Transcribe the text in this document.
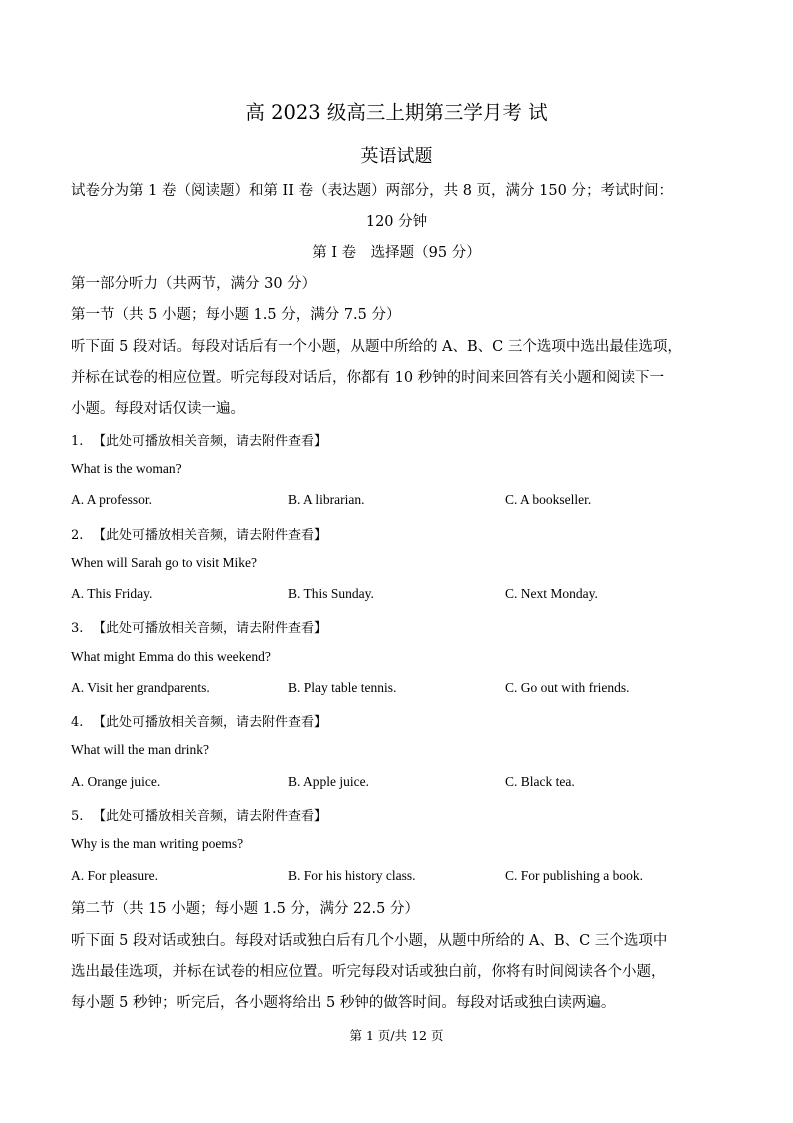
高 2023 级高三上期第三学月考 试
英语试题
试卷分为第 1 卷（阅读题）和第 II 卷（表达题）两部分，共 8 页，满分 150 分；考试时间：
120 分钟
第 I 卷　选择题（95 分）
第一部分听力（共两节，满分 30 分）
第一节（共 5 小题；每小题 1.5 分，满分 7.5 分）
听下面 5 段对话。每段对话后有一个小题，从题中所给的 A、B、C 三个选项中选出最佳选项，
并标在试卷的相应位置。听完每段对话后，你都有 10 秒钟的时间来回答有关小题和阅读下一
小题。每段对话仅读一遍。
1. 【此处可播放相关音频，请去附件查看】
What is the woman?
A. A professor.	B. A librarian.	C. A bookseller.
2. 【此处可播放相关音频，请去附件查看】
When will Sarah go to visit Mike?
A. This Friday.	B. This Sunday.	C. Next Monday.
3. 【此处可播放相关音频，请去附件查看】
What might Emma do this weekend?
A. Visit her grandparents.	B. Play table tennis.	C. Go out with friends.
4. 【此处可播放相关音频，请去附件查看】
What will the man drink?
A. Orange juice.	B. Apple juice.	C. Black tea.
5. 【此处可播放相关音频，请去附件查看】
Why is the man writing poems?
A. For pleasure.	B. For his history class.	C. For publishing a book.
第二节（共 15 小题；每小题 1.5 分，满分 22.5 分）
听下面 5 段对话或独白。每段对话或独白后有几个小题，从题中所给的 A、B、C 三个选项中
选出最佳选项，并标在试卷的相应位置。听完每段对话或独白前，你将有时间阅读各个小题，
每小题 5 秒钟；听完后，各小题将给出 5 秒钟的做答时间。每段对话或独白读两遍。
第 1 页/共 12 页
